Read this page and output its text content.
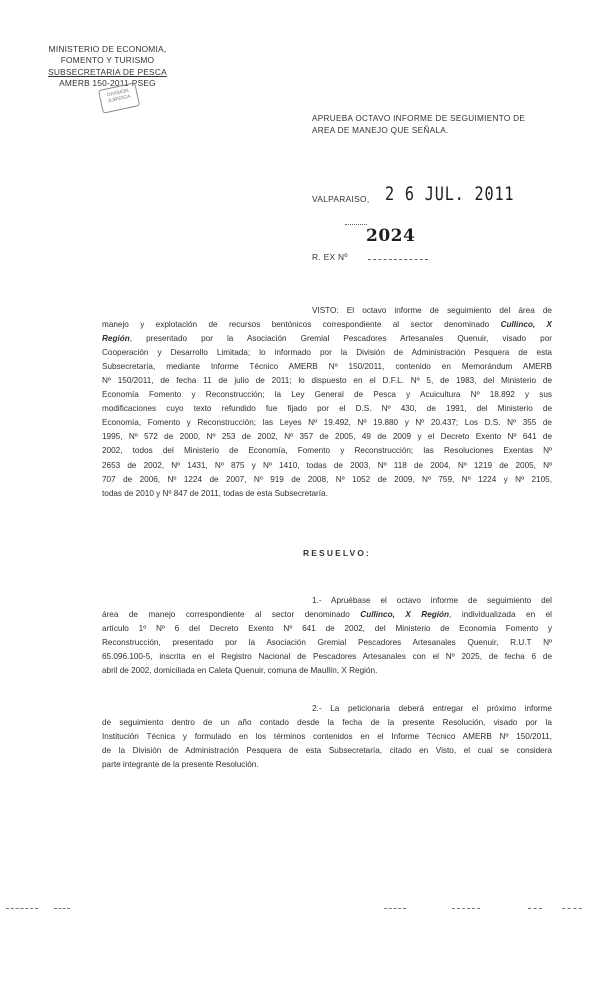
MINISTERIO DE ECONOMIA,
FOMENTO Y TURISMO
SUBSECRETARIA DE PESCA
AMERB 150-2011-PSEG
DIVISION JURIDICA
APRUEBA OCTAVO INFORME DE SEGUIMIENTO DE
AREA DE MANEJO QUE SEÑALA.
VALPARAISO, 2 6 JUL. 2011
2024
R. EX Nº
VISTO: El octavo informe de seguimiento del área de
manejo y explotación de recursos bentónicos correspondiente al sector denominado Cullinco, X
Región, presentado por la Asociación Gremial Pescadores Artesanales Quenuir, visado por
Cooperación y Desarrollo Limitada; lo informado por la División de Administración Pesquera de esta
Subsecretaría, mediante Informe Técnico AMERB Nº 150/2011, contenido en Memorándum AMERB
Nº 150/2011, de fecha 11 de julio de 2011; lo dispuesto en el D.F.L. Nº 5, de 1983, del Ministerio de
Economía Fomento y Reconstrucción; la Ley General de Pesca y Acuicultura Nº 18.892 y sus
modificaciones cuyo texto refundido fue fijado por el D.S. Nº 430, de 1991, del Ministerio de
Economía, Fomento y Reconstrucción; las Leyes Nº 19.492, Nº 19.880 y Nº 20.437; Los D.S. Nº 355 de
1995, Nº 572 de 2000, Nº 253 de 2002, Nº 357 de 2005, 49 de 2009 y el Decreto Exento Nº 641 de
2002, todos del Ministerio de Economía, Fomento y Reconstrucción; las Resoluciones Exentas Nº
2653 de 2002, Nº 1431, Nº 875 y Nº 1410, todas de 2003, Nº 118 de 2004, Nº 1219 de 2005, Nº
707 de 2006, Nº 1224 de 2007, Nº 919 de 2008, Nº 1052 de 2009, Nº 759, Nº 1224 y Nº 2105,
todas de 2010 y Nº 847 de 2011, todas de esta Subsecretaría.
RESUELVO:
1.- Apruébase el octavo informe de seguimiento del
área de manejo correspondiente al sector denominado Cullinco, X Región, individualizada en el
artículo 1º Nº 6 del Decreto Exento Nº 641 de 2002, del Ministerio de Economía Fomento y
Reconstrucción, presentado por la Asociación Gremial Pescadores Artesanales Quenuir, R.U.T Nº
65.096.100-5, inscrita en el Registro Nacional de Pescadores Artesanales con el Nº 2025, de fecha 6 de
abril de 2002, domiciliada en Caleta Quenuir, comuna de Maullín, X Región.
2.- La peticionaria deberá entregar el próximo informe
de seguimiento dentro de un año contado desde la fecha de la presente Resolución, visado por la
Institución Técnica y formulado en los términos contenidos en el Informe Técnico AMERB Nº 150/2011,
de la División de Administración Pesquera de esta Subsecretaría, citado en Visto, el cual se considera
parte integrante de la presente Resolución.
